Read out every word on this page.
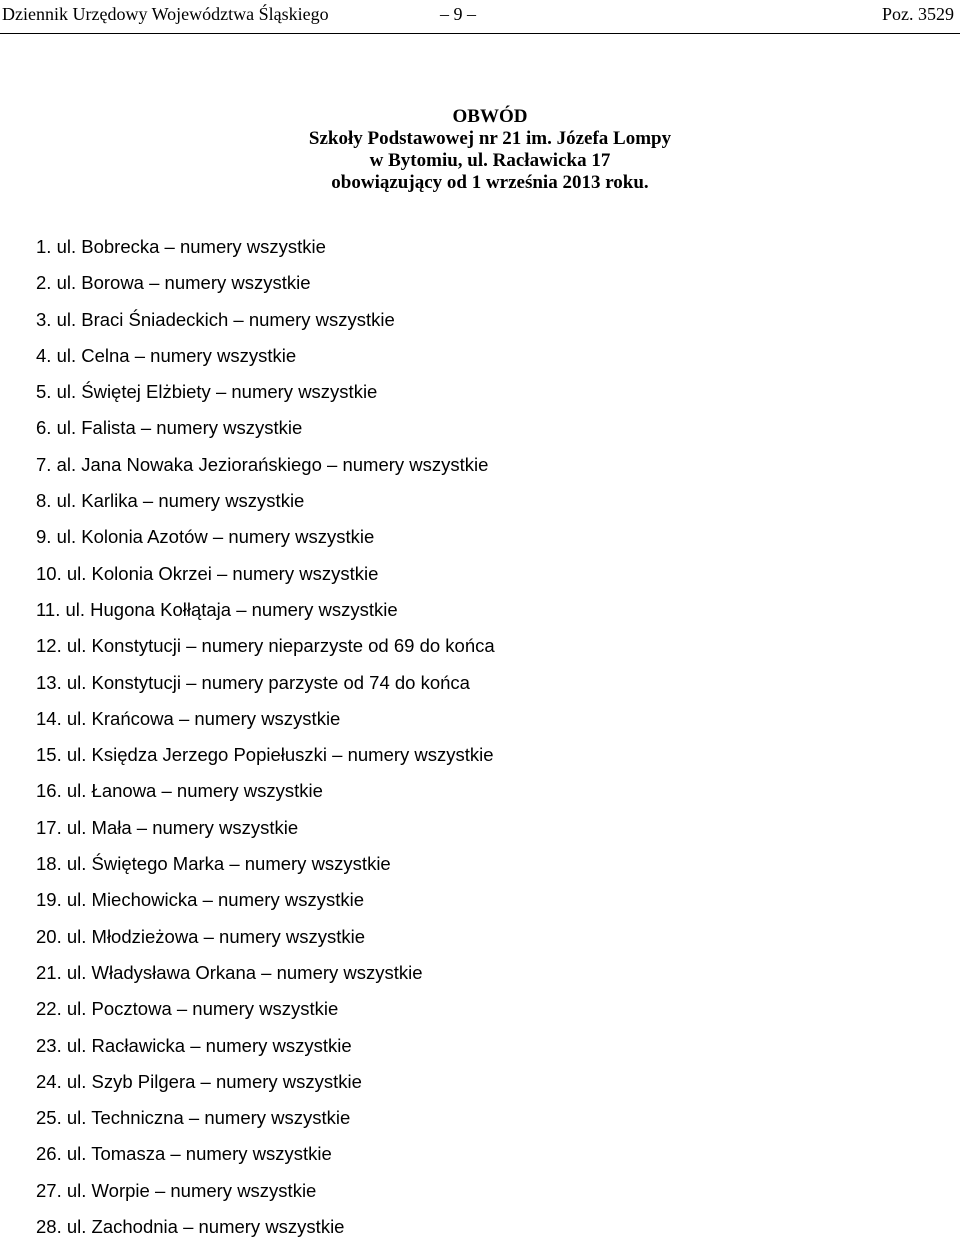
Dziennik Urzędowy Województwa Śląskiego	– 9 –	Poz. 3529
OBWÓD
Szkoły Podstawowej nr 21 im. Józefa Lompy
w Bytomiu, ul. Racławicka 17
obowiązujący od 1 września 2013 roku.
1. ul. Bobrecka – numery wszystkie
2. ul. Borowa – numery wszystkie
3. ul. Braci Śniadeckich – numery wszystkie
4. ul. Celna – numery wszystkie
5. ul. Świętej Elżbiety – numery wszystkie
6. ul. Falista – numery wszystkie
7. al. Jana Nowaka Jeziorańskiego – numery wszystkie
8. ul. Karlika – numery wszystkie
9. ul. Kolonia Azotów – numery wszystkie
10. ul. Kolonia Okrzei – numery wszystkie
11. ul. Hugona Kołłątaja – numery wszystkie
12. ul. Konstytucji – numery nieparzyste od 69 do końca
13. ul. Konstytucji – numery parzyste od 74 do końca
14. ul. Krańcowa – numery wszystkie
15. ul. Księdza Jerzego Popiełuszki – numery wszystkie
16. ul. Łanowa – numery wszystkie
17. ul. Mała – numery wszystkie
18. ul. Świętego Marka – numery wszystkie
19. ul. Miechowicka – numery wszystkie
20. ul. Młodzieżowa – numery wszystkie
21. ul. Władysława Orkana – numery wszystkie
22. ul. Pocztowa – numery wszystkie
23. ul. Racławicka – numery wszystkie
24. ul. Szyb Pilgera – numery wszystkie
25. ul. Techniczna – numery wszystkie
26. ul. Tomasza – numery wszystkie
27. ul. Worpie – numery wszystkie
28. ul. Zachodnia – numery wszystkie
